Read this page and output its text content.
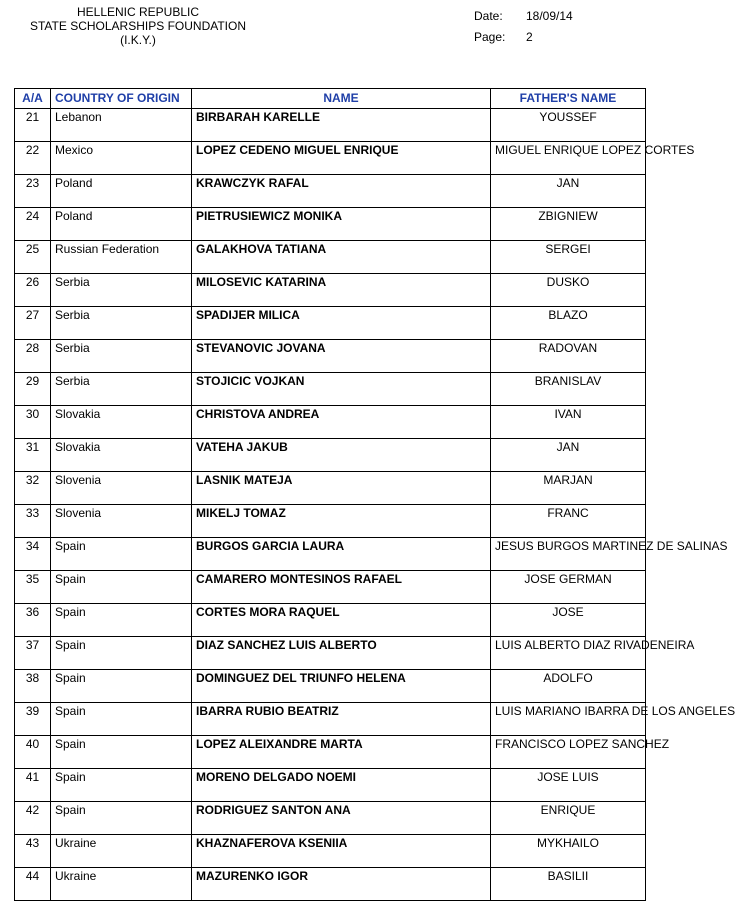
HELLENIC REPUBLIC
STATE SCHOLARSHIPS FOUNDATION
(I.K.Y.)
Date:	18/09/14
Page:	2
A/A	COUNTRY OF ORIGIN	NAME	FATHER'S NAME
21	Lebanon	BIRBARAH KARELLE	YOUSSEF
22	Mexico	LOPEZ CEDENO MIGUEL ENRIQUE	MIGUEL ENRIQUE LOPEZ CORTES
23	Poland	KRAWCZYK RAFAL	JAN
24	Poland	PIETRUSIEWICZ MONIKA	ZBIGNIEW
25	Russian Federation	GALAKHOVA TATIANA	SERGEI
26	Serbia	MILOSEVIC KATARINA	DUSKO
27	Serbia	SPADIJER MILICA	BLAZO
28	Serbia	STEVANOVIC JOVANA	RADOVAN
29	Serbia	STOJICIC VOJKAN	BRANISLAV
30	Slovakia	CHRISTOVA ANDREA	IVAN
31	Slovakia	VATEHA JAKUB	JAN
32	Slovenia	LASNIK MATEJA	MARJAN
33	Slovenia	MIKELJ TOMAZ	FRANC
34	Spain	BURGOS GARCIA LAURA	JESUS BURGOS MARTINEZ DE SALINAS
35	Spain	CAMARERO MONTESINOS RAFAEL	JOSE GERMAN
36	Spain	CORTES MORA RAQUEL	JOSE
37	Spain	DIAZ SANCHEZ LUIS ALBERTO	LUIS ALBERTO DIAZ RIVADENEIRA
38	Spain	DOMINGUEZ DEL TRIUNFO HELENA	ADOLFO
39	Spain	IBARRA RUBIO BEATRIZ	LUIS MARIANO IBARRA DE LOS ANGELES
40	Spain	LOPEZ ALEIXANDRE MARTA	FRANCISCO LOPEZ SANCHEZ
41	Spain	MORENO DELGADO NOEMI	JOSE LUIS
42	Spain	RODRIGUEZ SANTON ANA	ENRIQUE
43	Ukraine	KHAZNAFEROVA KSENIIA	MYKHAILO
44	Ukraine	MAZURENKO IGOR	BASILII
